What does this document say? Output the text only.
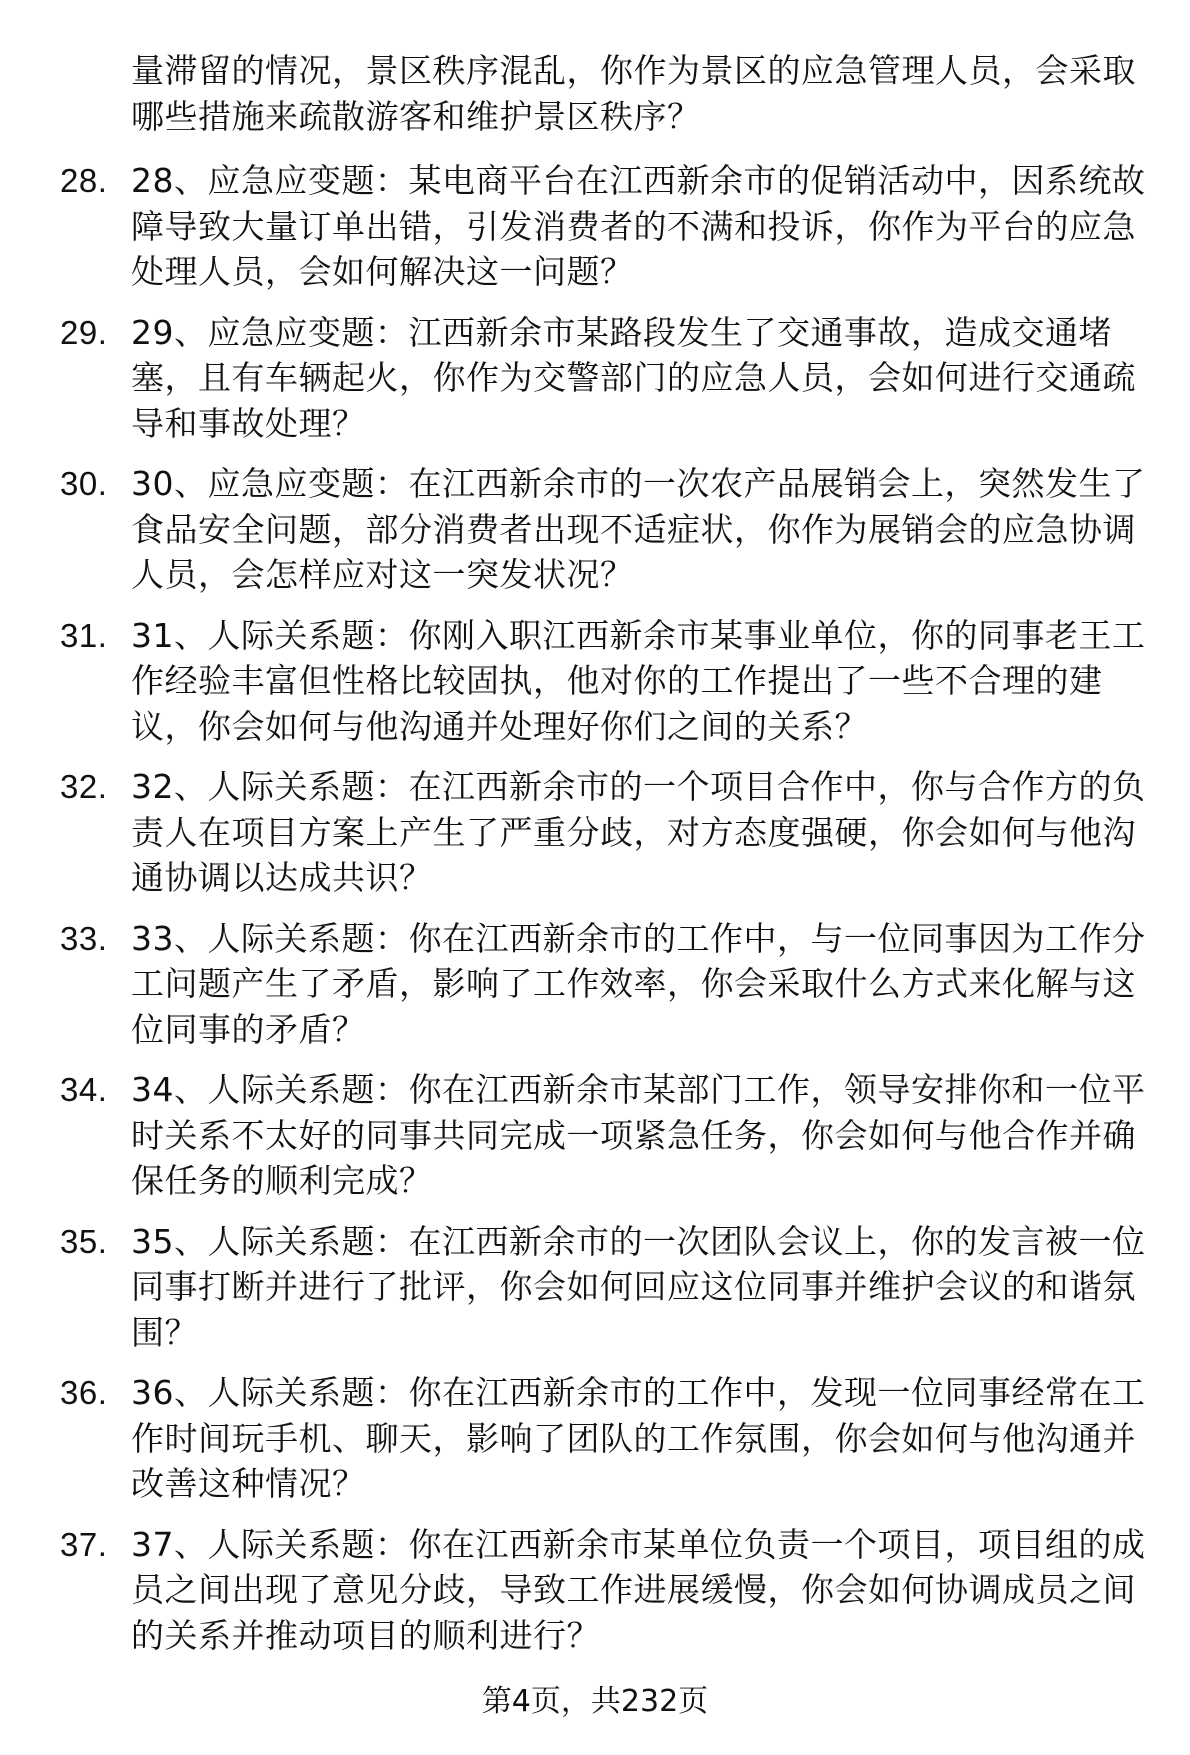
量滞留的情况，景区秩序混乱，你作为景区的应急管理人员，会采取哪些措施来疏散游客和维护景区秩序？
28. 28、应急应变题：某电商平台在江西新余市的促销活动中，因系统故障导致大量订单出错，引发消费者的不满和投诉，你作为平台的应急处理人员，会如何解决这一问题？
29. 29、应急应变题：江西新余市某路段发生了交通事故，造成交通堵塞，且有车辆起火，你作为交警部门的应急人员，会如何进行交通疏导和事故处理？
30. 30、应急应变题：在江西新余市的一次农产品展销会上，突然发生了食品安全问题，部分消费者出现不适症状，你作为展销会的应急协调人员，会怎样应对这一突发状况？
31. 31、人际关系题：你刚入职江西新余市某事业单位，你的同事老王工作经验丰富但性格比较固执，他对你的工作提出了一些不合理的建议，你会如何与他沟通并处理好你们之间的关系？
32. 32、人际关系题：在江西新余市的一个项目合作中，你与合作方的负责人在项目方案上产生了严重分歧，对方态度强硬，你会如何与他沟通协调以达成共识？
33. 33、人际关系题：你在江西新余市的工作中，与一位同事因为工作分工问题产生了矛盾，影响了工作效率，你会采取什么方式来化解与这位同事的矛盾？
34. 34、人际关系题：你在江西新余市某部门工作，领导安排你和一位平时关系不太好的同事共同完成一项紧急任务，你会如何与他合作并确保任务的顺利完成？
35. 35、人际关系题：在江西新余市的一次团队会议上，你的发言被一位同事打断并进行了批评，你会如何回应这位同事并维护会议的和谐氛围？
36. 36、人际关系题：你在江西新余市的工作中，发现一位同事经常在工作时间玩手机、聊天，影响了团队的工作氛围，你会如何与他沟通并改善这种情况？
37. 37、人际关系题：你在江西新余市某单位负责一个项目，项目组的成员之间出现了意见分歧，导致工作进展缓慢，你会如何协调成员之间的关系并推动项目的顺利进行？
第4页，共232页
